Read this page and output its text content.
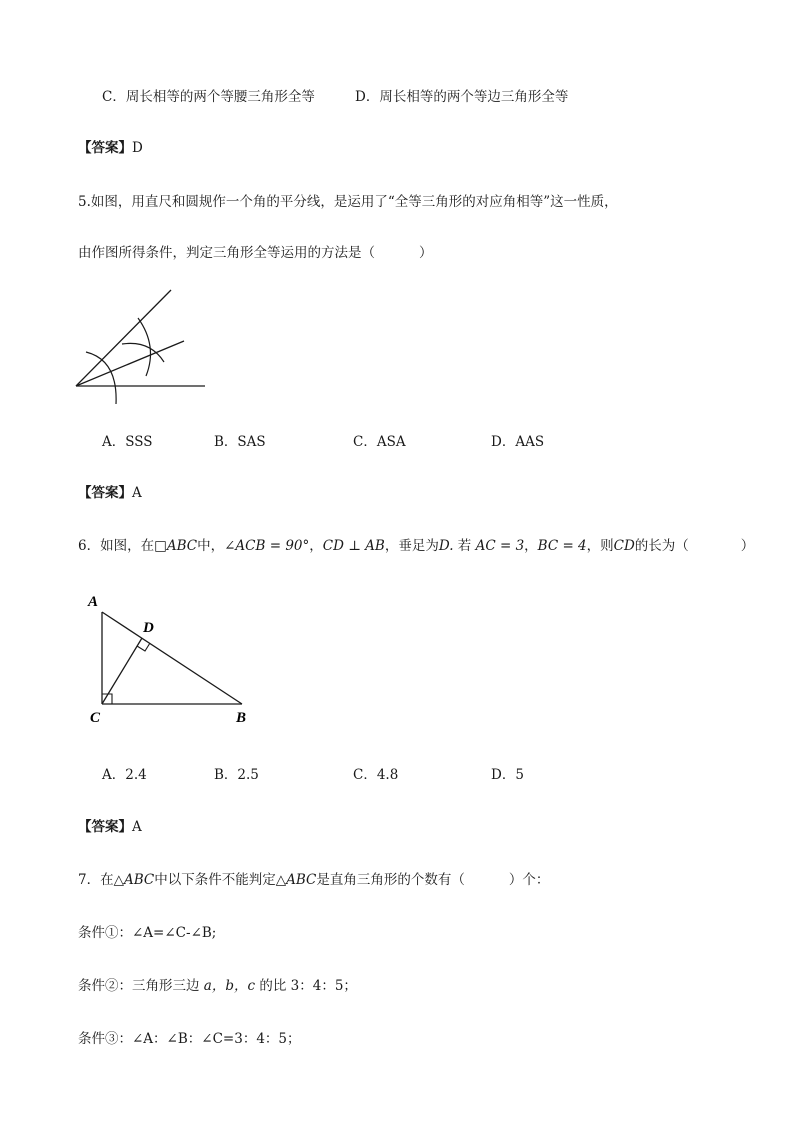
C．周长相等的两个等腰三角形全等	D．周长相等的两个等边三角形全等
【答案】D
5.如图，用直尺和圆规作一个角的平分线，是运用了“全等三角形的对应角相等”这一性质，
由作图所得条件，判定三角形全等运用的方法是（	）
A．SSS	B．SAS	C．ASA	D．AAS
【答案】A
6．如图，在□ABC中，∠ACB = 90°，CD ⊥ AB，垂足为D. 若 AC = 3，BC = 4，则CD的长为（	）
A
D
C	B
A．2.4	B．2.5	C．4.8	D．5
【答案】A
7．在△ABC中以下条件不能判定△ABC是直角三角形的个数有（	）个：
条件①：∠A=∠C-∠B;
条件②：三角形三边 a，b，c 的比 3：4：5；
条件③：∠A：∠B：∠C=3：4：5；
